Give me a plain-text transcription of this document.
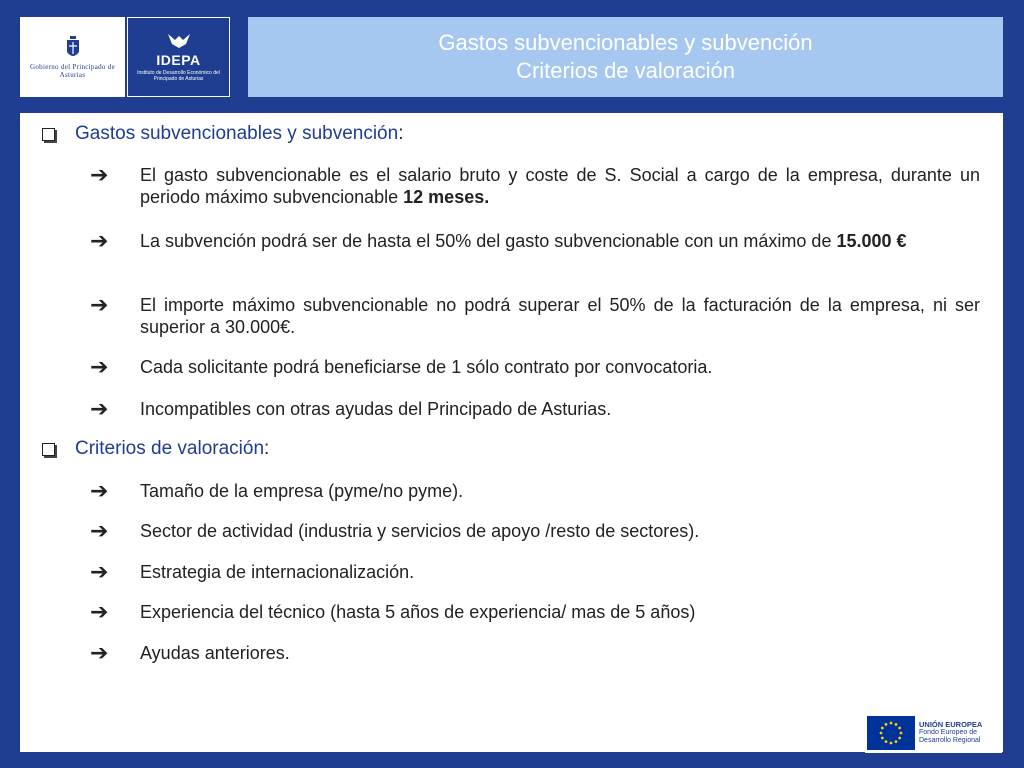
Gobierno del Principado de Asturias
IDEPA
Instituto de Desarrollo Económico del Principado de Asturias
Gastos subvencionables y subvención
Criterios de valoración
Gastos subvencionables y subvención:
➔	El gasto subvencionable es el salario bruto y coste de S. Social a cargo de la empresa, durante un periodo máximo subvencionable 12 meses.
➔	La subvención podrá ser de hasta el 50% del gasto subvencionable con un máximo de 15.000 €
➔	El importe máximo subvencionable no podrá superar el 50% de la facturación de la empresa, ni ser superior a 30.000€.
➔	Cada solicitante podrá beneficiarse de 1 sólo contrato por convocatoria.
➔	Incompatibles con otras ayudas del Principado de Asturias.
Criterios de valoración:
➔	Tamaño de la empresa (pyme/no pyme).
➔	Sector de actividad (industria y servicios de apoyo /resto de sectores).
➔	Estrategia de internacionalización.
➔	Experiencia del técnico (hasta 5 años de experiencia/ mas de 5 años)
➔	Ayudas anteriores.
UNIÓN EUROPEA
Fondo Europeo de
Desarrollo Regional
